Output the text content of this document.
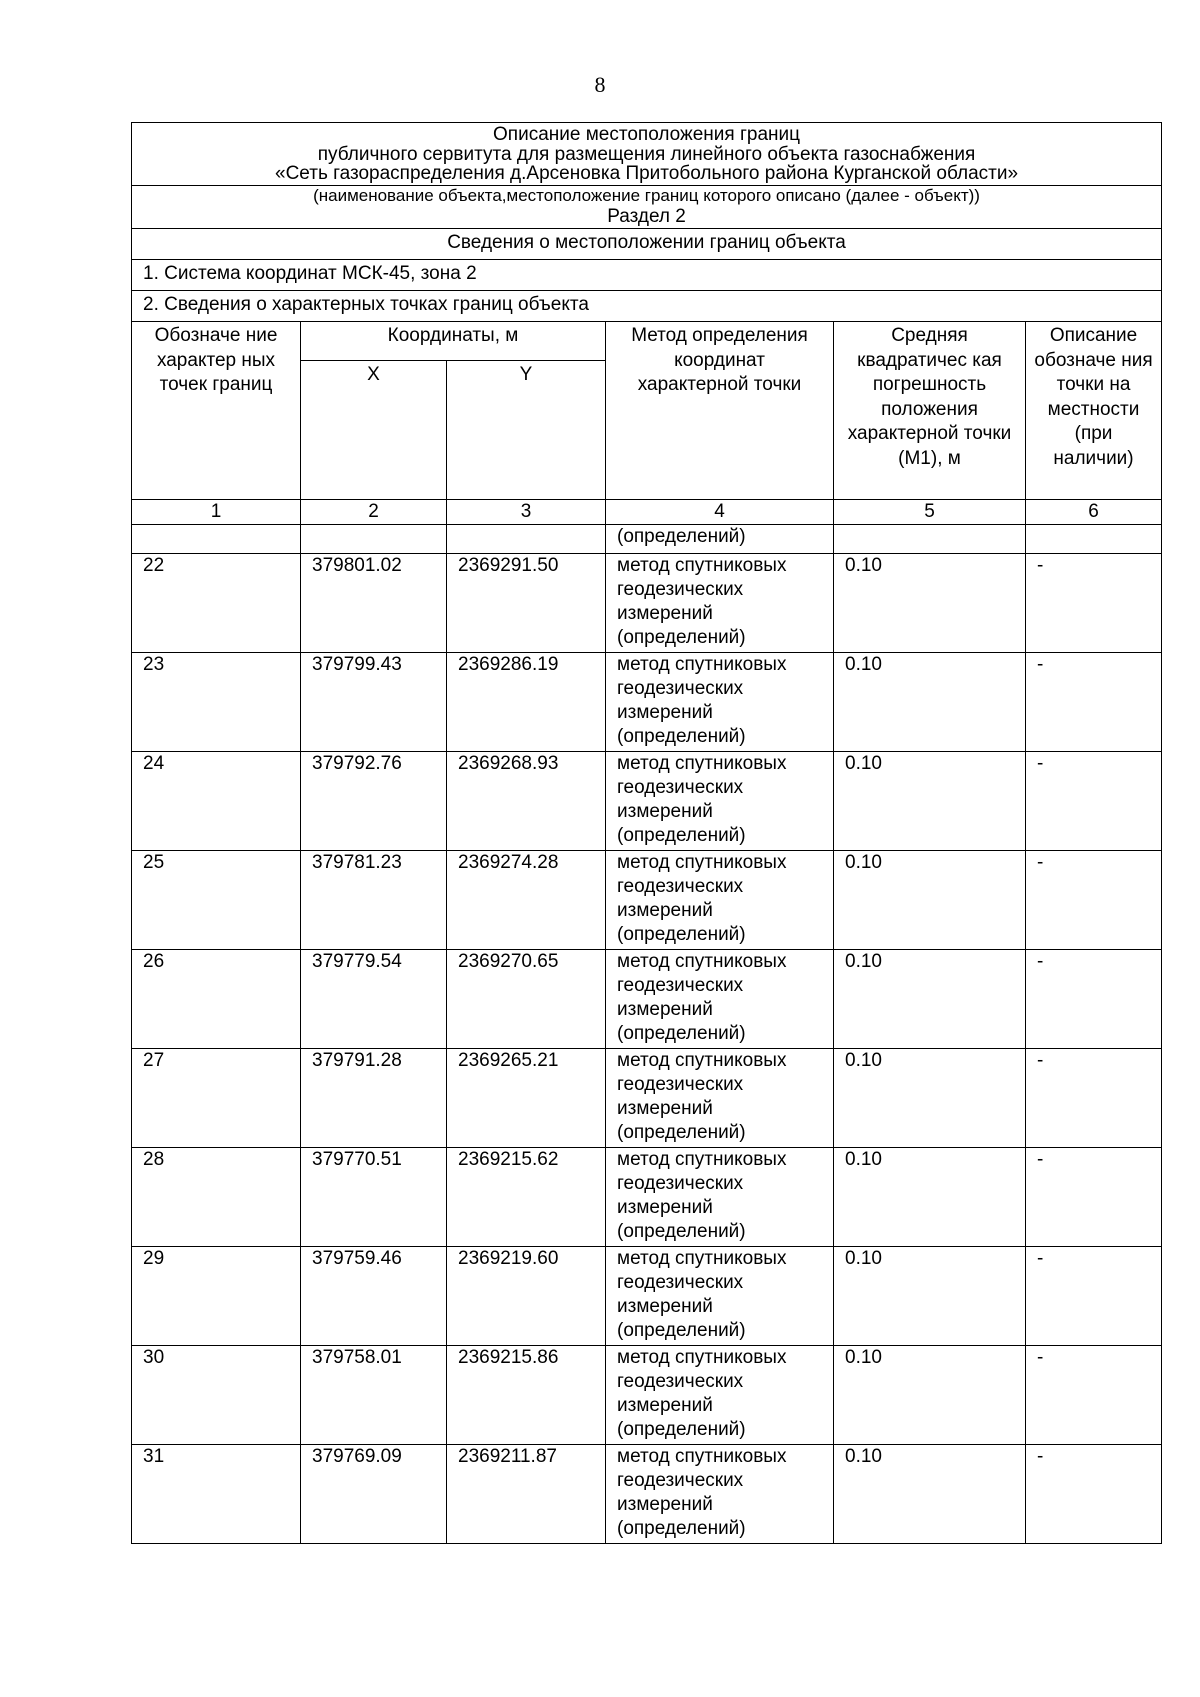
8
Описание местоположения границ
публичного сервитута для размещения линейного объекта газоснабжения
«Сеть газораспределения д.Арсеновка Притобольного района Курганской области»					

(наименование объекта,местоположение границ которого описано (далее - объект))
Раздел 2					

Сведения о местоположении границ объекта					
1. Система координат МСК-45, зона 2					
2. Сведения о характерных точках границ объекта					

Обозначе ние характер ных точек границ	Координаты, м		Метод определения координат характерной точки	Средняя квадратичес кая погрешность положения характерной точки (М1), м	Описание обозначе ния точки на местности (при наличии)

	X	Y			
1	2	3	4	5	6
			(определений)		
22	379801.02	2369291.50	метод спутниковых геодезических измерений (определений)	0.10	-
23	379799.43	2369286.19	метод спутниковых геодезических измерений (определений)	0.10	-
24	379792.76	2369268.93	метод спутниковых геодезических измерений (определений)	0.10	-
25	379781.23	2369274.28	метод спутниковых геодезических измерений (определений)	0.10	-
26	379779.54	2369270.65	метод спутниковых геодезических измерений (определений)	0.10	-
27	379791.28	2369265.21	метод спутниковых геодезических измерений (определений)	0.10	-
28	379770.51	2369215.62	метод спутниковых геодезических измерений (определений)	0.10	-
29	379759.46	2369219.60	метод спутниковых геодезических измерений (определений)	0.10	-
30	379758.01	2369215.86	метод спутниковых геодезических измерений (определений)	0.10	-
31	379769.09	2369211.87	метод спутниковых геодезических измерений (определений)	0.10	-
